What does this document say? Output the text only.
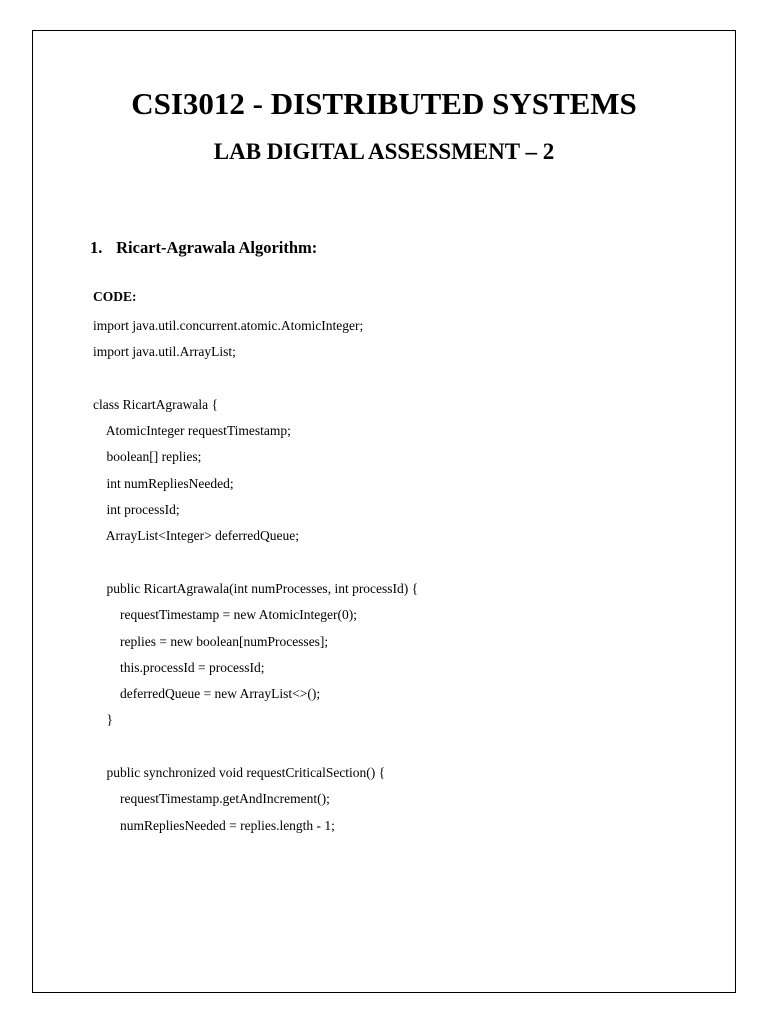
CSI3012 - DISTRIBUTED SYSTEMS
LAB DIGITAL ASSESSMENT – 2
1. Ricart-Agrawala Algorithm:
CODE:
import java.util.concurrent.atomic.AtomicInteger;
import java.util.ArrayList;
class RicartAgrawala {
AtomicInteger requestTimestamp;
boolean[] replies;
int numRepliesNeeded;
int processId;
ArrayList<Integer> deferredQueue;
public RicartAgrawala(int numProcesses, int processId) {
requestTimestamp = new AtomicInteger(0);
replies = new boolean[numProcesses];
this.processId = processId;
deferredQueue = new ArrayList<>();
}
public synchronized void requestCriticalSection() {
requestTimestamp.getAndIncrement();
numRepliesNeeded = replies.length - 1;
